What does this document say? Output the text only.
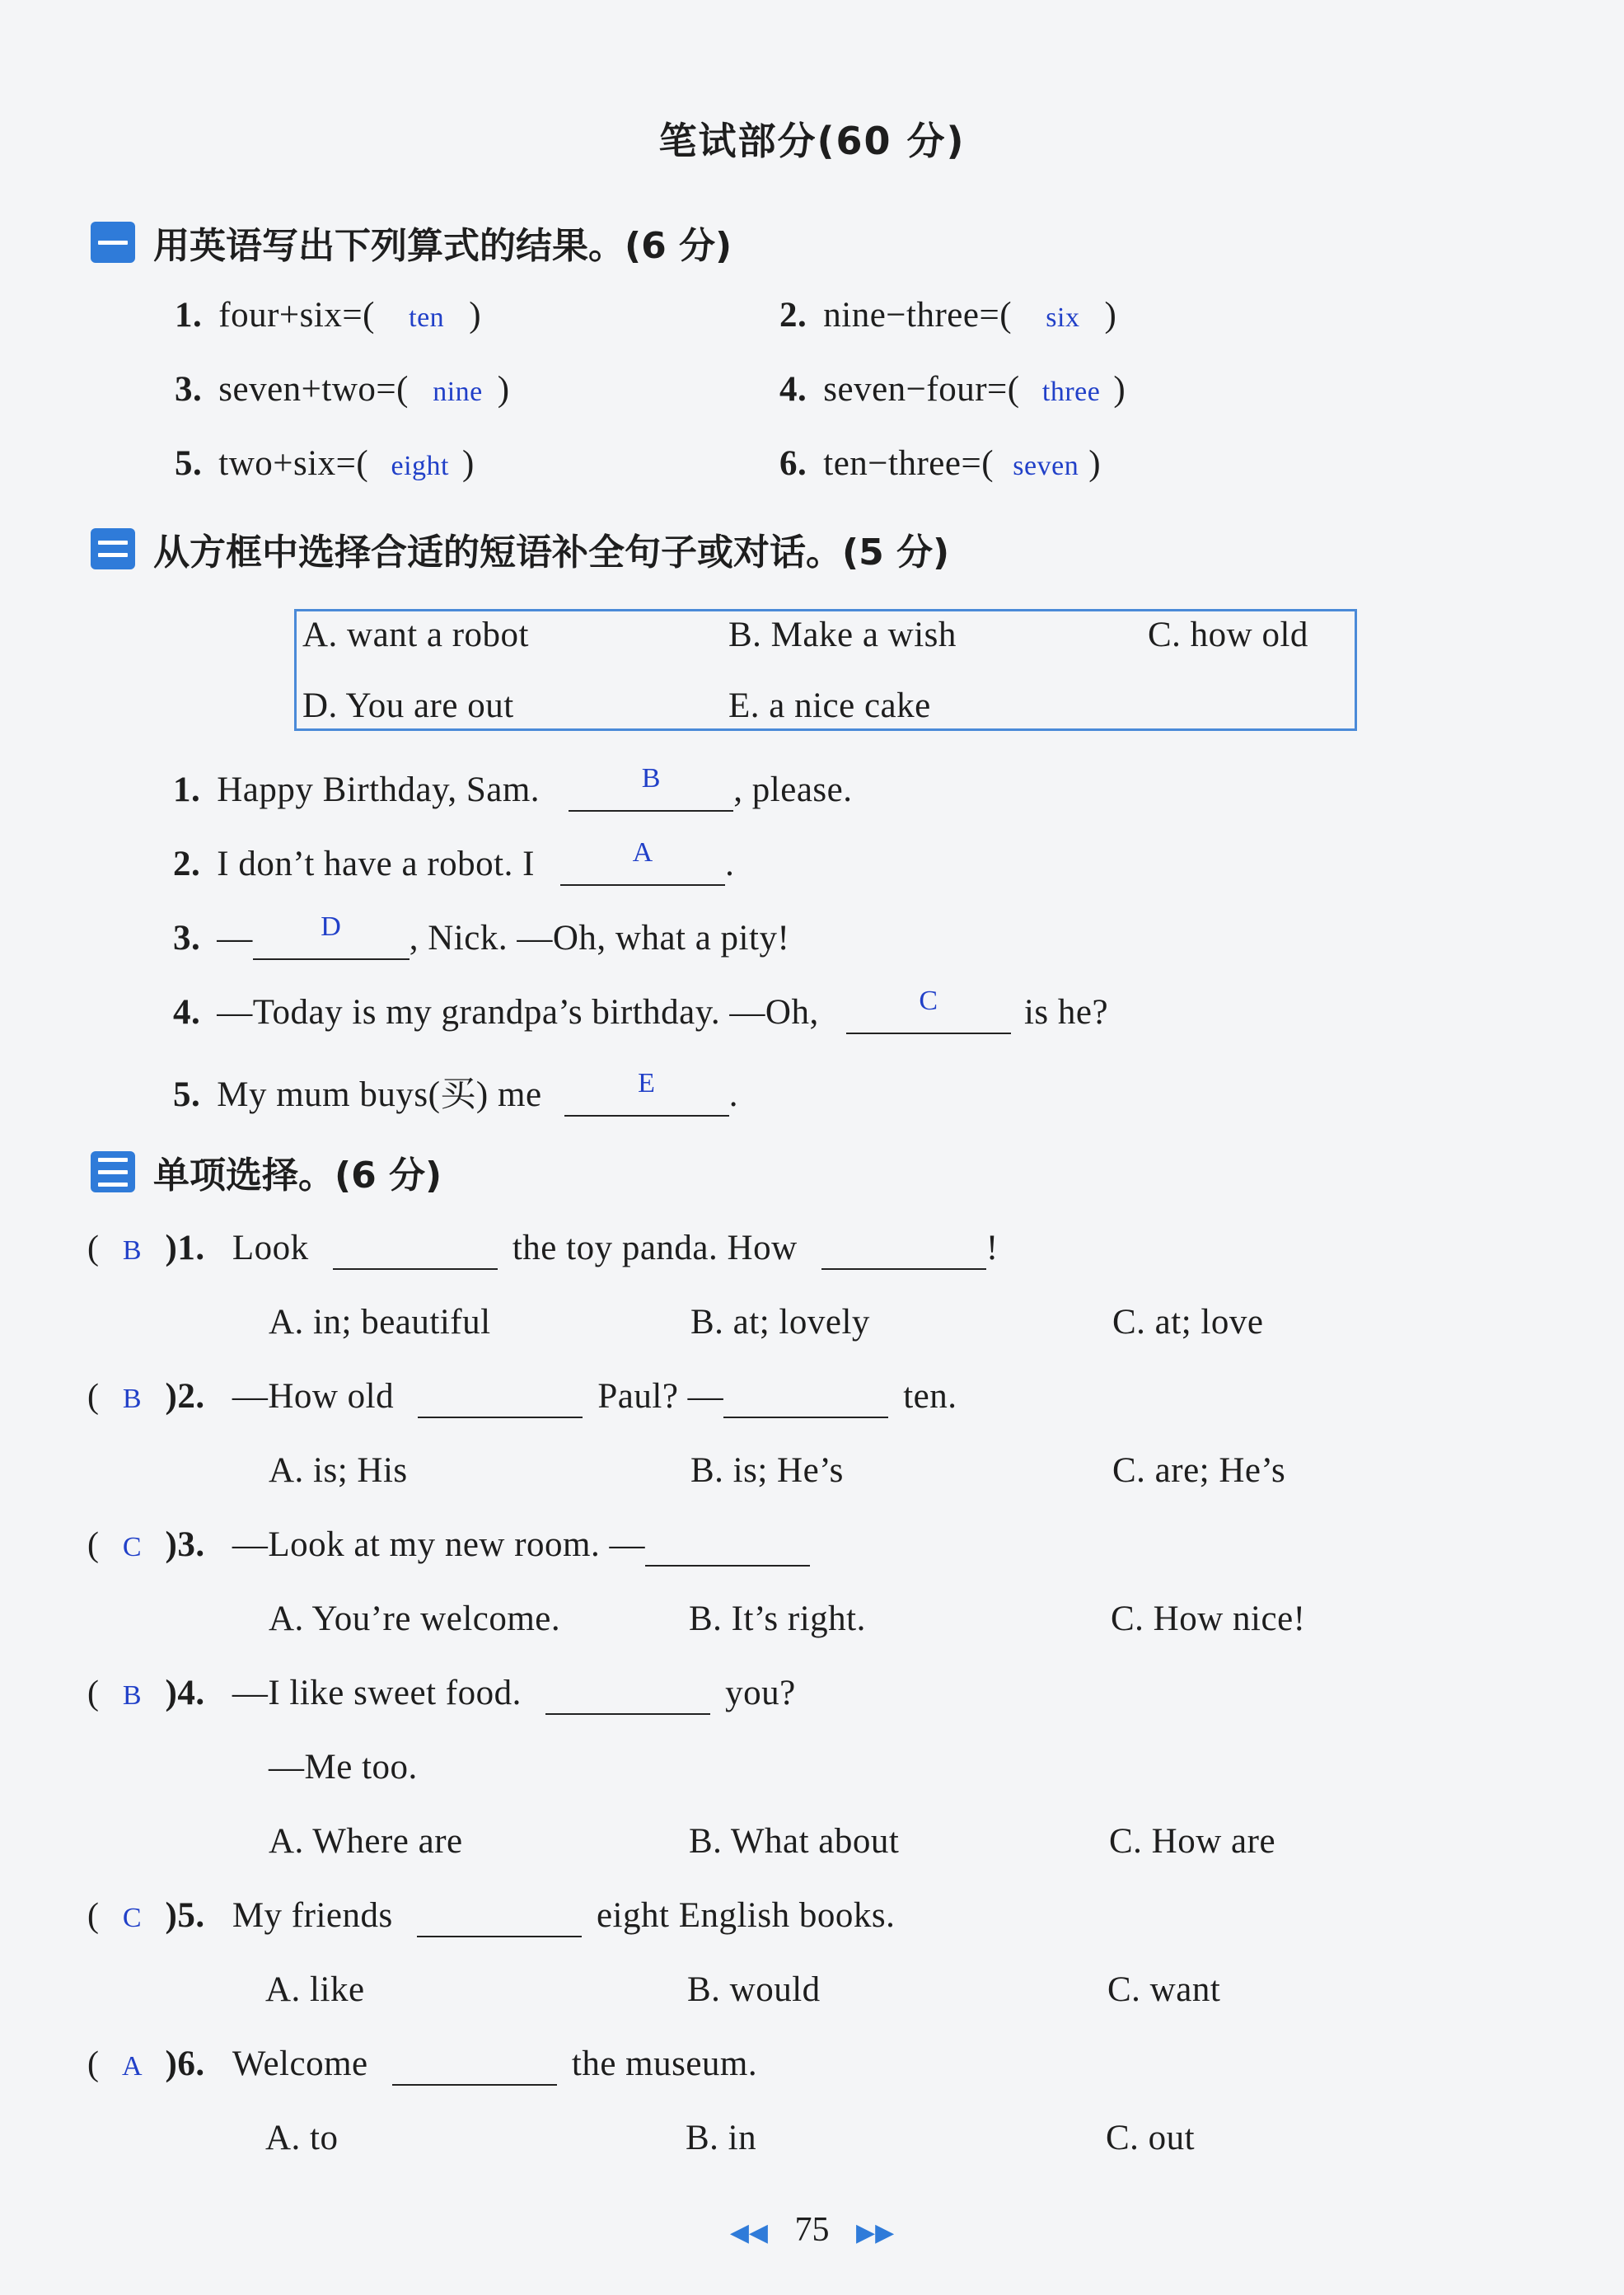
笔试部分(60 分)
用英语写出下列算式的结果。(6 分)
1. four+six=( ten )	2. nine−three=( six )
3. seven+two=( nine )	4. seven−four=( three )
5. two+six=( eight )	6. ten−three=( seven )
从方框中选择合适的短语补全句子或对话。(5 分)
A. want a robot	B. Make a wish	C. how old
D. You are out	E. a nice cake
1. Happy Birthday, Sam.	B	, please.
2. I don’t have a robot. I	A	.
3. —	D	, Nick. —Oh, what a pity!
4. —Today is my grandpa’s birthday. —Oh,	C	is he?
5. My mum buys(买) me	E	.
单项选择。(6 分)
( B )1. Look	the toy panda. How	!
A. in; beautiful	B. at; lovely	C. at; love
( B )2. —How old	Paul? —	ten.
A. is; His	B. is; He’s	C. are; He’s
( C )3. —Look at my new room. —
A. You’re welcome.	B. It’s right.	C. How nice!
( B )4. —I like sweet food.	you?
—Me too.
A. Where are	B. What about	C. How are
( C )5. My friends	eight English books.
A. like	B. would	C. want
( A )6. Welcome	the museum.
A. to	B. in	C. out
◀◀ 75 ▶▶
